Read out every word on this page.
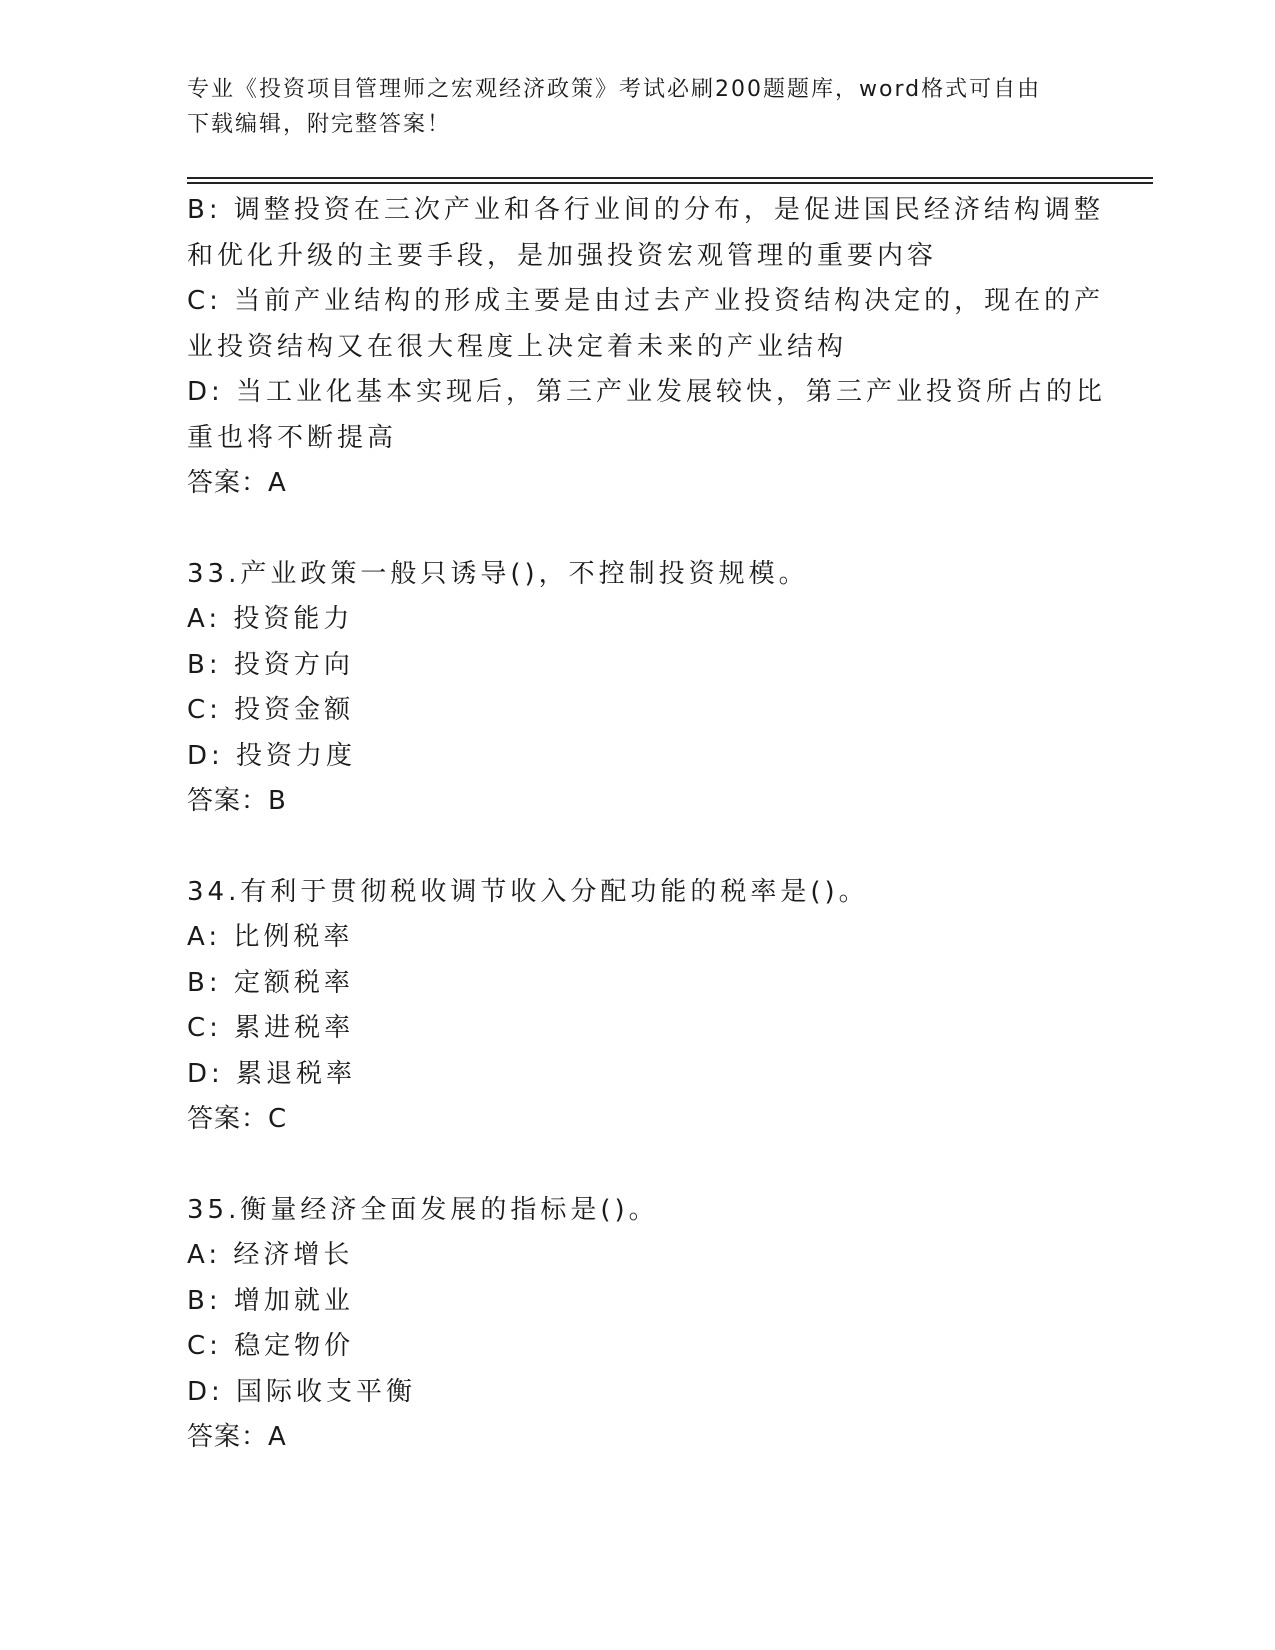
专业《投资项目管理师之宏观经济政策》考试必刷200题题库，word格式可自由
下载编辑，附完整答案！
B: 调整投资在三次产业和各行业间的分布，是促进国民经济结构调整
和优化升级的主要手段，是加强投资宏观管理的重要内容
C: 当前产业结构的形成主要是由过去产业投资结构决定的，现在的产
业投资结构又在很大程度上决定着未来的产业结构
D: 当工业化基本实现后，第三产业发展较快，第三产业投资所占的比
重也将不断提高
答案：A
33.产业政策一般只诱导()，不控制投资规模。
A: 投资能力
B: 投资方向
C: 投资金额
D: 投资力度
答案：B
34.有利于贯彻税收调节收入分配功能的税率是()。
A: 比例税率
B: 定额税率
C: 累进税率
D: 累退税率
答案：C
35.衡量经济全面发展的指标是()。
A: 经济增长
B: 增加就业
C: 稳定物价
D: 国际收支平衡
答案：A
